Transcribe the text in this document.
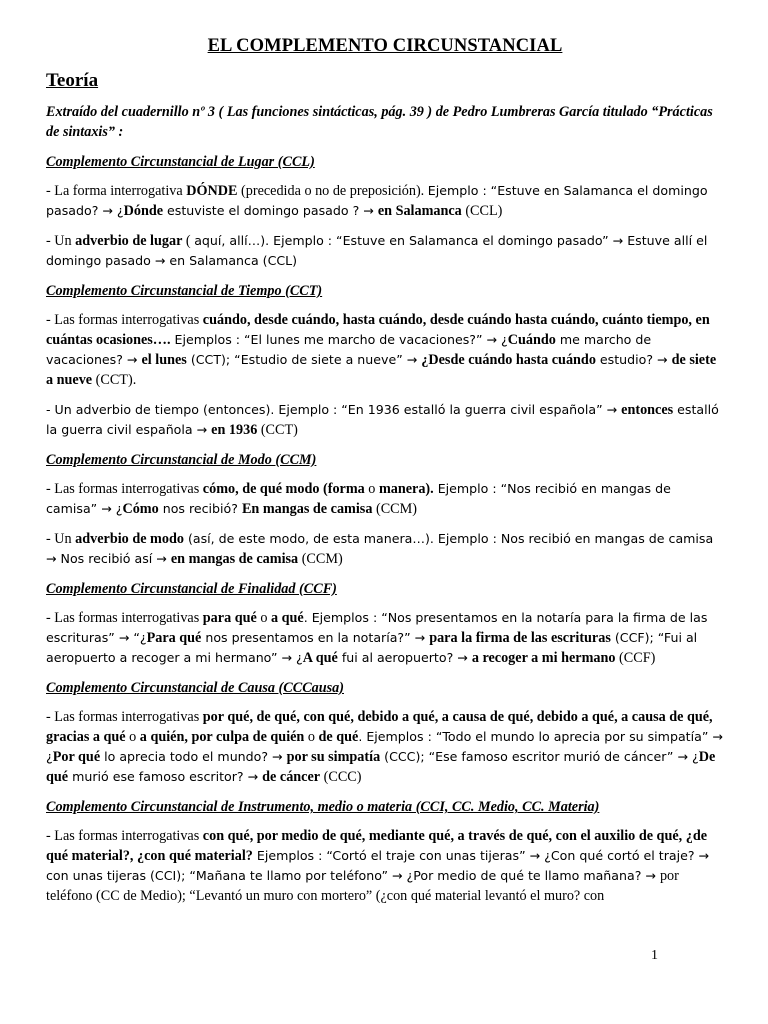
EL COMPLEMENTO CIRCUNSTANCIAL
Teoría
Extraído del cuadernillo nº 3 ( Las funciones sintácticas, pág. 39 ) de Pedro Lumbreras García titulado “Prácticas de sintaxis” :
Complemento Circunstancial de Lugar (CCL)
- La forma interrogativa DÓNDE (precedida o no de preposición). Ejemplo : “Estuve en Salamanca el domingo pasado? → ¿Dónde estuviste el domingo pasado ? → en Salamanca (CCL)
- Un adverbio de lugar ( aquí, allí…). Ejemplo : “Estuve en Salamanca el domingo pasado” → Estuve allí el domingo pasado → en Salamanca (CCL)
Complemento Circunstancial de Tiempo (CCT)
- Las formas interrogativas cuándo, desde cuándo, hasta cuándo, desde cuándo hasta cuándo, cuánto tiempo, en cuántas ocasiones…. Ejemplos : “El lunes me marcho de vacaciones?” → ¿Cuándo me marcho de vacaciones? → el lunes (CCT); “Estudio de siete a nueve” → ¿Desde cuándo hasta cuándo estudio? → de siete a nueve (CCT).
- Un adverbio de tiempo (entonces). Ejemplo : “En 1936 estalló la guerra civil española” → entonces estalló la guerra civil española → en 1936 (CCT)
Complemento Circunstancial de Modo (CCM)
- Las formas interrogativas cómo, de qué modo (forma o manera). Ejemplo : “Nos recibió en mangas de camisa” → ¿Cómo nos recibió? En mangas de camisa (CCM)
- Un adverbio de modo (así, de este modo, de esta manera…). Ejemplo : Nos recibió en mangas de camisa → Nos recibió así → en mangas de camisa (CCM)
Complemento Circunstancial de Finalidad (CCF)
- Las formas interrogativas para qué o a qué. Ejemplos : “Nos presentamos en la notaría para la firma de las escrituras” → “¿Para qué nos presentamos en la notaría?” → para la firma de las escrituras (CCF); “Fui al aeropuerto a recoger a mi hermano” → ¿A qué fui al aeropuerto? → a recoger a mi hermano (CCF)
Complemento Circunstancial de Causa (CCCausa)
- Las formas interrogativas por qué, de qué, con qué, debido a qué, a causa de qué, debido a qué, a causa de qué, gracias a qué o a quién, por culpa de quién o de qué. Ejemplos : “Todo el mundo lo aprecia por su simpatía” → ¿Por qué lo aprecia todo el mundo? → por su simpatía (CCC); “Ese famoso escritor murió de cáncer” → ¿De qué murió ese famoso escritor? → de cáncer (CCC)
Complemento Circunstancial de Instrumento, medio o materia (CCI, CC. Medio, CC. Materia)
- Las formas interrogativas con qué, por medio de qué, mediante qué, a través de qué, con el auxilio de qué, ¿de qué material?, ¿con qué material? Ejemplos : “Cortó el traje con unas tijeras” → ¿Con qué cortó el traje? → con unas tijeras (CCI); “Mañana te llamo por teléfono” → ¿Por medio de qué te llamo mañana? → por teléfono (CC de Medio); “Levantó un muro con mortero” (¿con qué material levantó el muro? con
1
